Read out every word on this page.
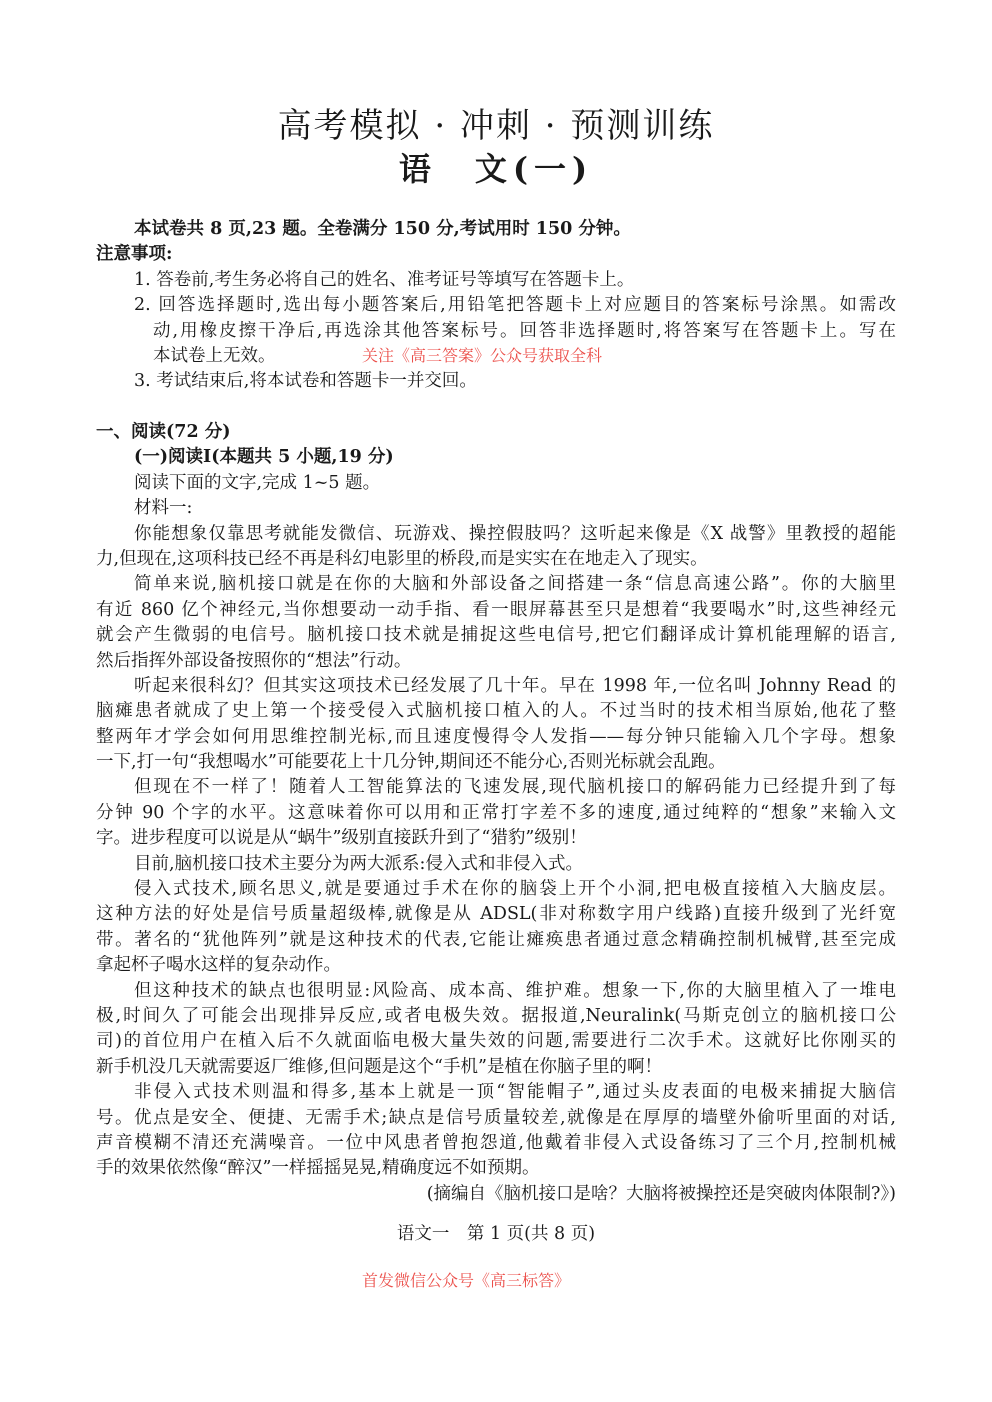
高考模拟 · 冲刺 · 预测训练
语　文(一)
本试卷共 8 页,23 题。全卷满分 150 分,考试用时 150 分钟。
注意事项:
1. 答卷前,考生务必将自己的姓名、准考证号等填写在答题卡上。
2. 回答选择题时,选出每小题答案后,用铅笔把答题卡上对应题目的答案标号涂黑。如需改
动,用橡皮擦干净后,再选涂其他答案标号。回答非选择题时,将答案写在答题卡上。写在
本试卷上无效。
3. 考试结束后,将本试卷和答题卡一并交回。
关注《高三答案》公众号获取全科
一、阅读(72 分)
(一)阅读Ⅰ(本题共 5 小题,19 分)
阅读下面的文字,完成 1~5 题。
材料一:
你能想象仅靠思考就能发微信、玩游戏、操控假肢吗？这听起来像是《X 战警》里教授的超能
力,但现在,这项科技已经不再是科幻电影里的桥段,而是实实在在地走入了现实。
简单来说,脑机接口就是在你的大脑和外部设备之间搭建一条“信息高速公路”。你的大脑里
有近 860 亿个神经元,当你想要动一动手指、看一眼屏幕甚至只是想着“我要喝水”时,这些神经元
就会产生微弱的电信号。脑机接口技术就是捕捉这些电信号,把它们翻译成计算机能理解的语言,
然后指挥外部设备按照你的“想法”行动。
听起来很科幻？但其实这项技术已经发展了几十年。早在 1998 年,一位名叫 Johnny Read 的
脑瘫患者就成了史上第一个接受侵入式脑机接口植入的人。不过当时的技术相当原始,他花了整
整两年才学会如何用思维控制光标,而且速度慢得令人发指——每分钟只能输入几个字母。想象
一下,打一句“我想喝水”可能要花上十几分钟,期间还不能分心,否则光标就会乱跑。
但现在不一样了！随着人工智能算法的飞速发展,现代脑机接口的解码能力已经提升到了每
分钟 90 个字的水平。这意味着你可以用和正常打字差不多的速度,通过纯粹的“想象”来输入文
字。进步程度可以说是从“蜗牛”级别直接跃升到了“猎豹”级别！
目前,脑机接口技术主要分为两大派系:侵入式和非侵入式。
侵入式技术,顾名思义,就是要通过手术在你的脑袋上开个小洞,把电极直接植入大脑皮层。
这种方法的好处是信号质量超级棒,就像是从 ADSL(非对称数字用户线路)直接升级到了光纤宽
带。著名的“犹他阵列”就是这种技术的代表,它能让瘫痪患者通过意念精确控制机械臂,甚至完成
拿起杯子喝水这样的复杂动作。
但这种技术的缺点也很明显:风险高、成本高、维护难。想象一下,你的大脑里植入了一堆电
极,时间久了可能会出现排异反应,或者电极失效。据报道,Neuralink(马斯克创立的脑机接口公
司)的首位用户在植入后不久就面临电极大量失效的问题,需要进行二次手术。这就好比你刚买的
新手机没几天就需要返厂维修,但问题是这个“手机”是植在你脑子里的啊！
非侵入式技术则温和得多,基本上就是一顶“智能帽子”,通过头皮表面的电极来捕捉大脑信
号。优点是安全、便捷、无需手术;缺点是信号质量较差,就像是在厚厚的墙壁外偷听里面的对话,
声音模糊不清还充满噪音。一位中风患者曾抱怨道,他戴着非侵入式设备练习了三个月,控制机械
手的效果依然像“醉汉”一样摇摇晃晃,精确度远不如预期。
(摘编自《脑机接口是啥？大脑将被操控还是突破肉体限制?》)
语文一　第 1 页(共 8 页)
首发微信公众号《高三标答》
